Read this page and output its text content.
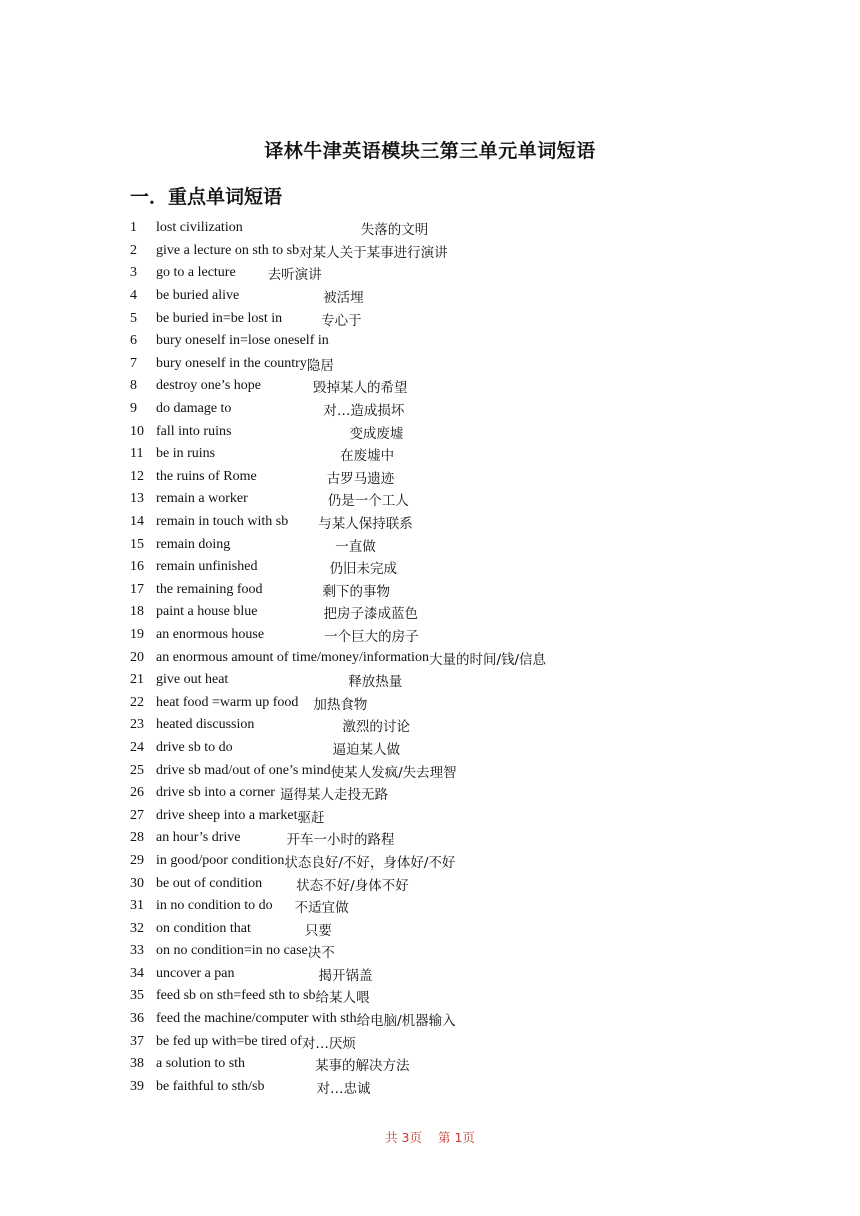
译林牛津英语模块三第三单元单词短语
一．重点单词短语
1	lost civilization	失落的文明
2	give a lecture on sth to sb 对某人关于某事进行演讲
3	go to a lecture 去听演讲
4	be buried alive	被活埋
5	be buried in=be lost in	专心于
6	bury oneself in=lose oneself in
7	bury oneself in the country 隐居
8	destroy one’s hope	毁掉某人的希望
9	do damage to	对…造成损坏
10 fall into ruins	变成废墟
11 be in ruins	在废墟中
12 the ruins of Rome	古罗马遗迹
13 remain a worker	仍是一个工人
14 remain in touch with sb 与某人保持联系
15 remain doing	一直做
16 remain unfinished	仍旧未完成
17 the remaining food	剩下的事物
18 paint a house blue	把房子漆成蓝色
19 an enormous house	一个巨大的房子
20 an enormous amount of time/money/information 大量的时间/钱/信息
21 give out heat	释放热量
22 heat food =warm up food 加热食物
23 heated discussion	激烈的讨论
24 drive sb to do	逼迫某人做
25 drive sb mad/out of one’s mind 使某人发疯/失去理智
26 drive sb into a corner 逼得某人走投无路
27 drive sheep into a market 驱赶
28 an hour’s drive	开车一小时的路程
29 in good/poor condition 状态良好/不好，身体好/不好
30 be out of condition	状态不好/身体不好
31 in no condition to do 不适宜做
32 on condition that	只要
33 on no condition=in no case 决不
34 uncover a pan	揭开锅盖
35 feed sb on sth=feed sth to sb 给某人喂
36 feed the machine/computer with sth 给电脑/机器输入
37 be fed up with=be tired of 对…厌烦
38 a solution to sth	某事的解决方法
39 be faithful to sth/sb	对…忠诚
共 3页 第 1页
